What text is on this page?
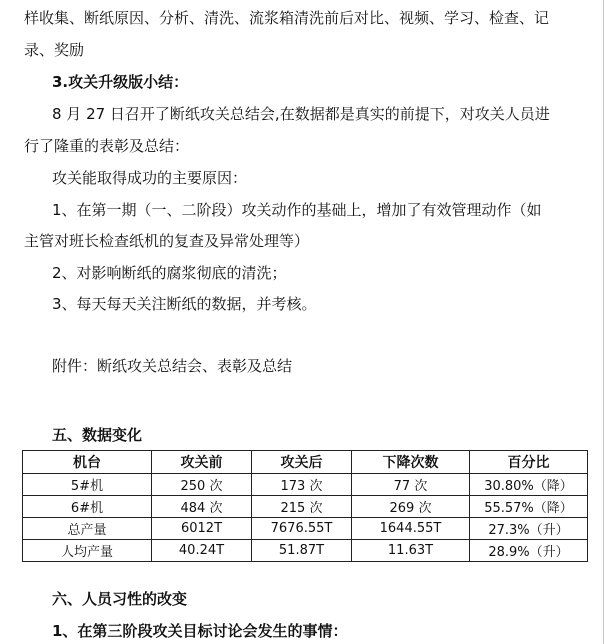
样收集、断纸原因、分析、清洗、流浆箱清洗前后对比、视频、学习、检查、记
录、奖励
3.攻关升级版小结：
8 月 27 日召开了断纸攻关总结会,在数据都是真实的前提下，对攻关人员进
行了隆重的表彰及总结：
攻关能取得成功的主要原因：
1、在第一期（一、二阶段）攻关动作的基础上，增加了有效管理动作（如
主管对班长检查纸机的复查及异常处理等）
2、对影响断纸的腐浆彻底的清洗；
3、每天每天关注断纸的数据，并考核。
附件：断纸攻关总结会、表彰及总结
五、数据变化
机台	攻关前	攻关后	下降次数	百分比
5#机	250 次	173 次	77 次	30.80%（降）
6#机	484 次	215 次	269 次	55.57%（降）
总产量	6012T	7676.55T	1644.55T	27.3%（升）
人均产量	40.24T	51.87T	11.63T	28.9%（升）
六、人员习性的改变
1、在第三阶段攻关目标讨论会发生的事情：
